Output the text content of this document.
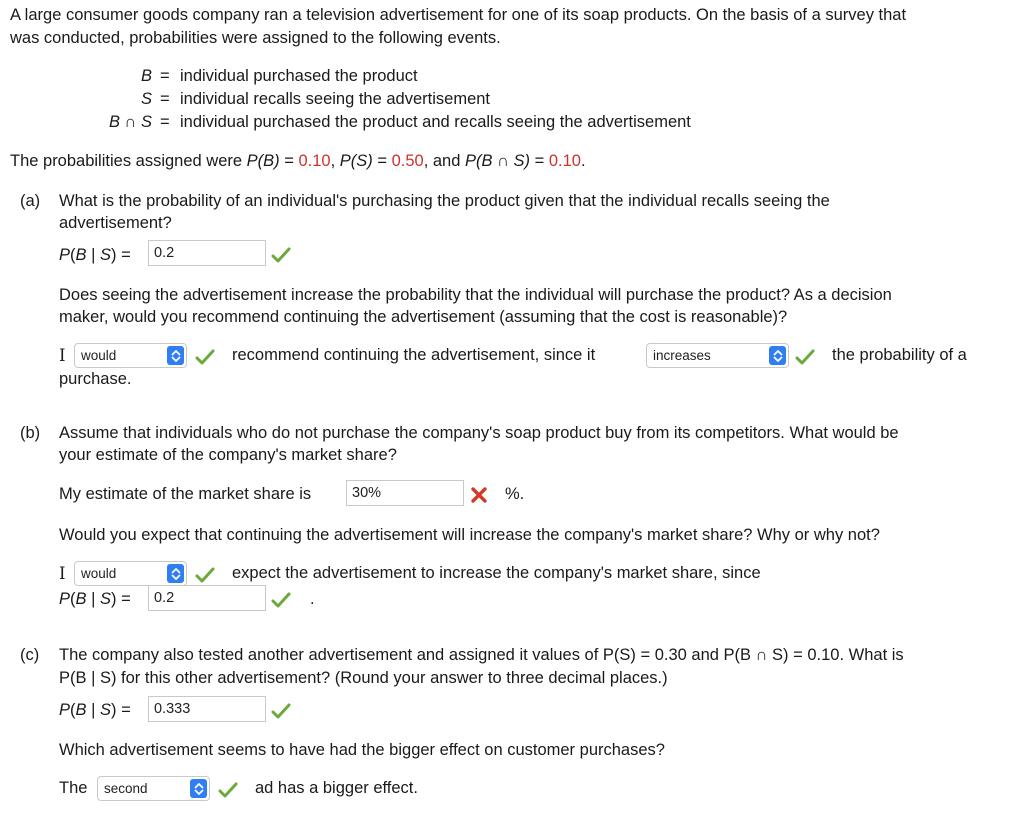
A large consumer goods company ran a television advertisement for one of its soap products. On the basis of a survey that
was conducted, probabilities were assigned to the following events.
B = individual purchased the product
S = individual recalls seeing the advertisement
B ∩ S = individual purchased the product and recalls seeing the advertisement
The probabilities assigned were P(B) = 0.10, P(S) = 0.50, and P(B ∩ S) = 0.10.
(a) What is the probability of an individual's purchasing the product given that the individual recalls seeing the
advertisement?
P(B | S) =	0.2
Does seeing the advertisement increase the probability that the individual will purchase the product? As a decision
maker, would you recommend continuing the advertisement (assuming that the cost is reasonable)?
I	would	recommend continuing the advertisement, since it	increases	the probability of a
purchase.
(b) Assume that individuals who do not purchase the company's soap product buy from its competitors. What would be
your estimate of the company's market share?
My estimate of the market share is	30%	%.
Would you expect that continuing the advertisement will increase the company's market share? Why or why not?
I	would	expect the advertisement to increase the company's market share, since
P(B | S) =	0.2	.
(c) The company also tested another advertisement and assigned it values of P(S) = 0.30 and P(B ∩ S) = 0.10. What is
P(B | S) for this other advertisement? (Round your answer to three decimal places.)
P(B | S) =	0.333
Which advertisement seems to have had the bigger effect on customer purchases?
The	second	ad has a bigger effect.
